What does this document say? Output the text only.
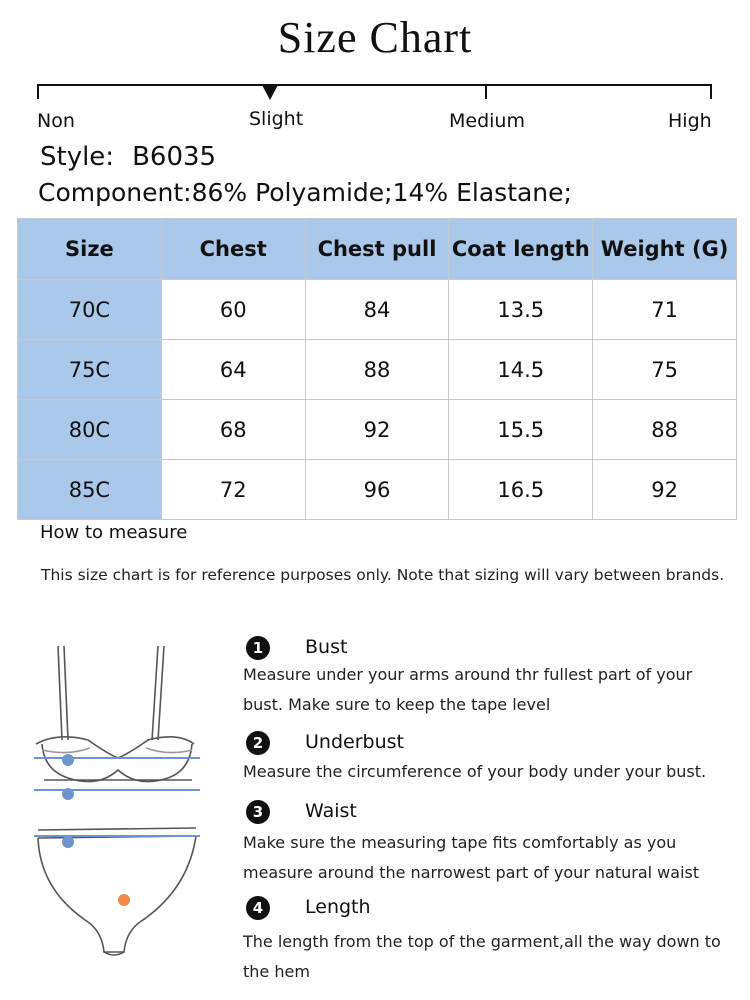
Size Chart
Non	Slight	Medium	High
Style: B6035
Component:86% Polyamide;14% Elastane;
Size	Chest	Chest pull	Coat length	Weight (G)
70C	60	84	13.5	71
75C	64	88	14.5	75
80C	68	92	15.5	88
85C	72	96	16.5	92
How to measure
This size chart is for reference purposes only. Note that sizing will vary between brands.
1	Bust
Measure under your arms around thr fullest part of your bust. Make sure to keep the tape level
2	Underbust
Measure the circumference of your body under your bust.
3	Waist
Make sure the measuring tape fits comfortably as you measure around the narrowest part of your natural waist
4	Length
The length from the top of the garment,all the way down to the hem
